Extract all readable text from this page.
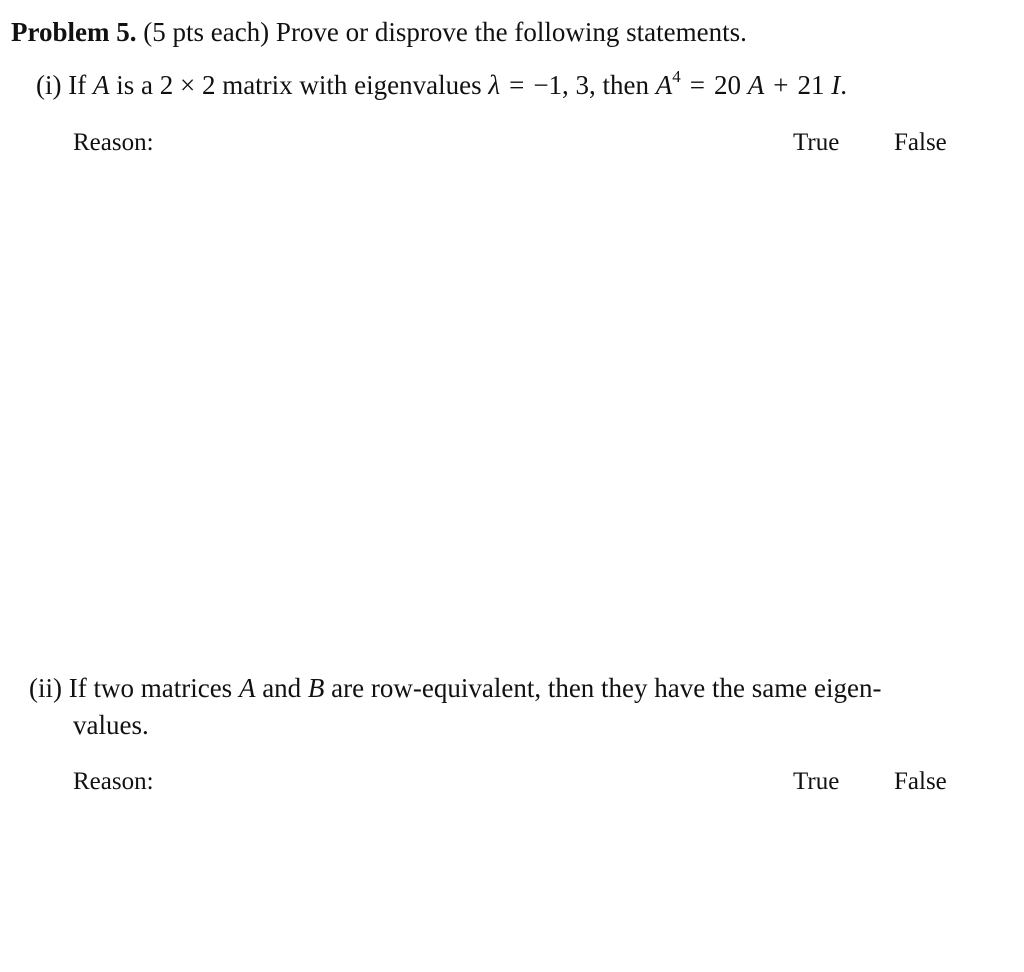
Problem 5. (5 pts each) Prove or disprove the following statements.
(i) If A is a 2 × 2 matrix with eigenvalues λ = −1, 3, then $A^4 = 20$ A + 21 I.
Reason:	True False
(ii) If two matrices A and B are row-equivalent, then they have the same eigen-
values.
Reason:	True False
